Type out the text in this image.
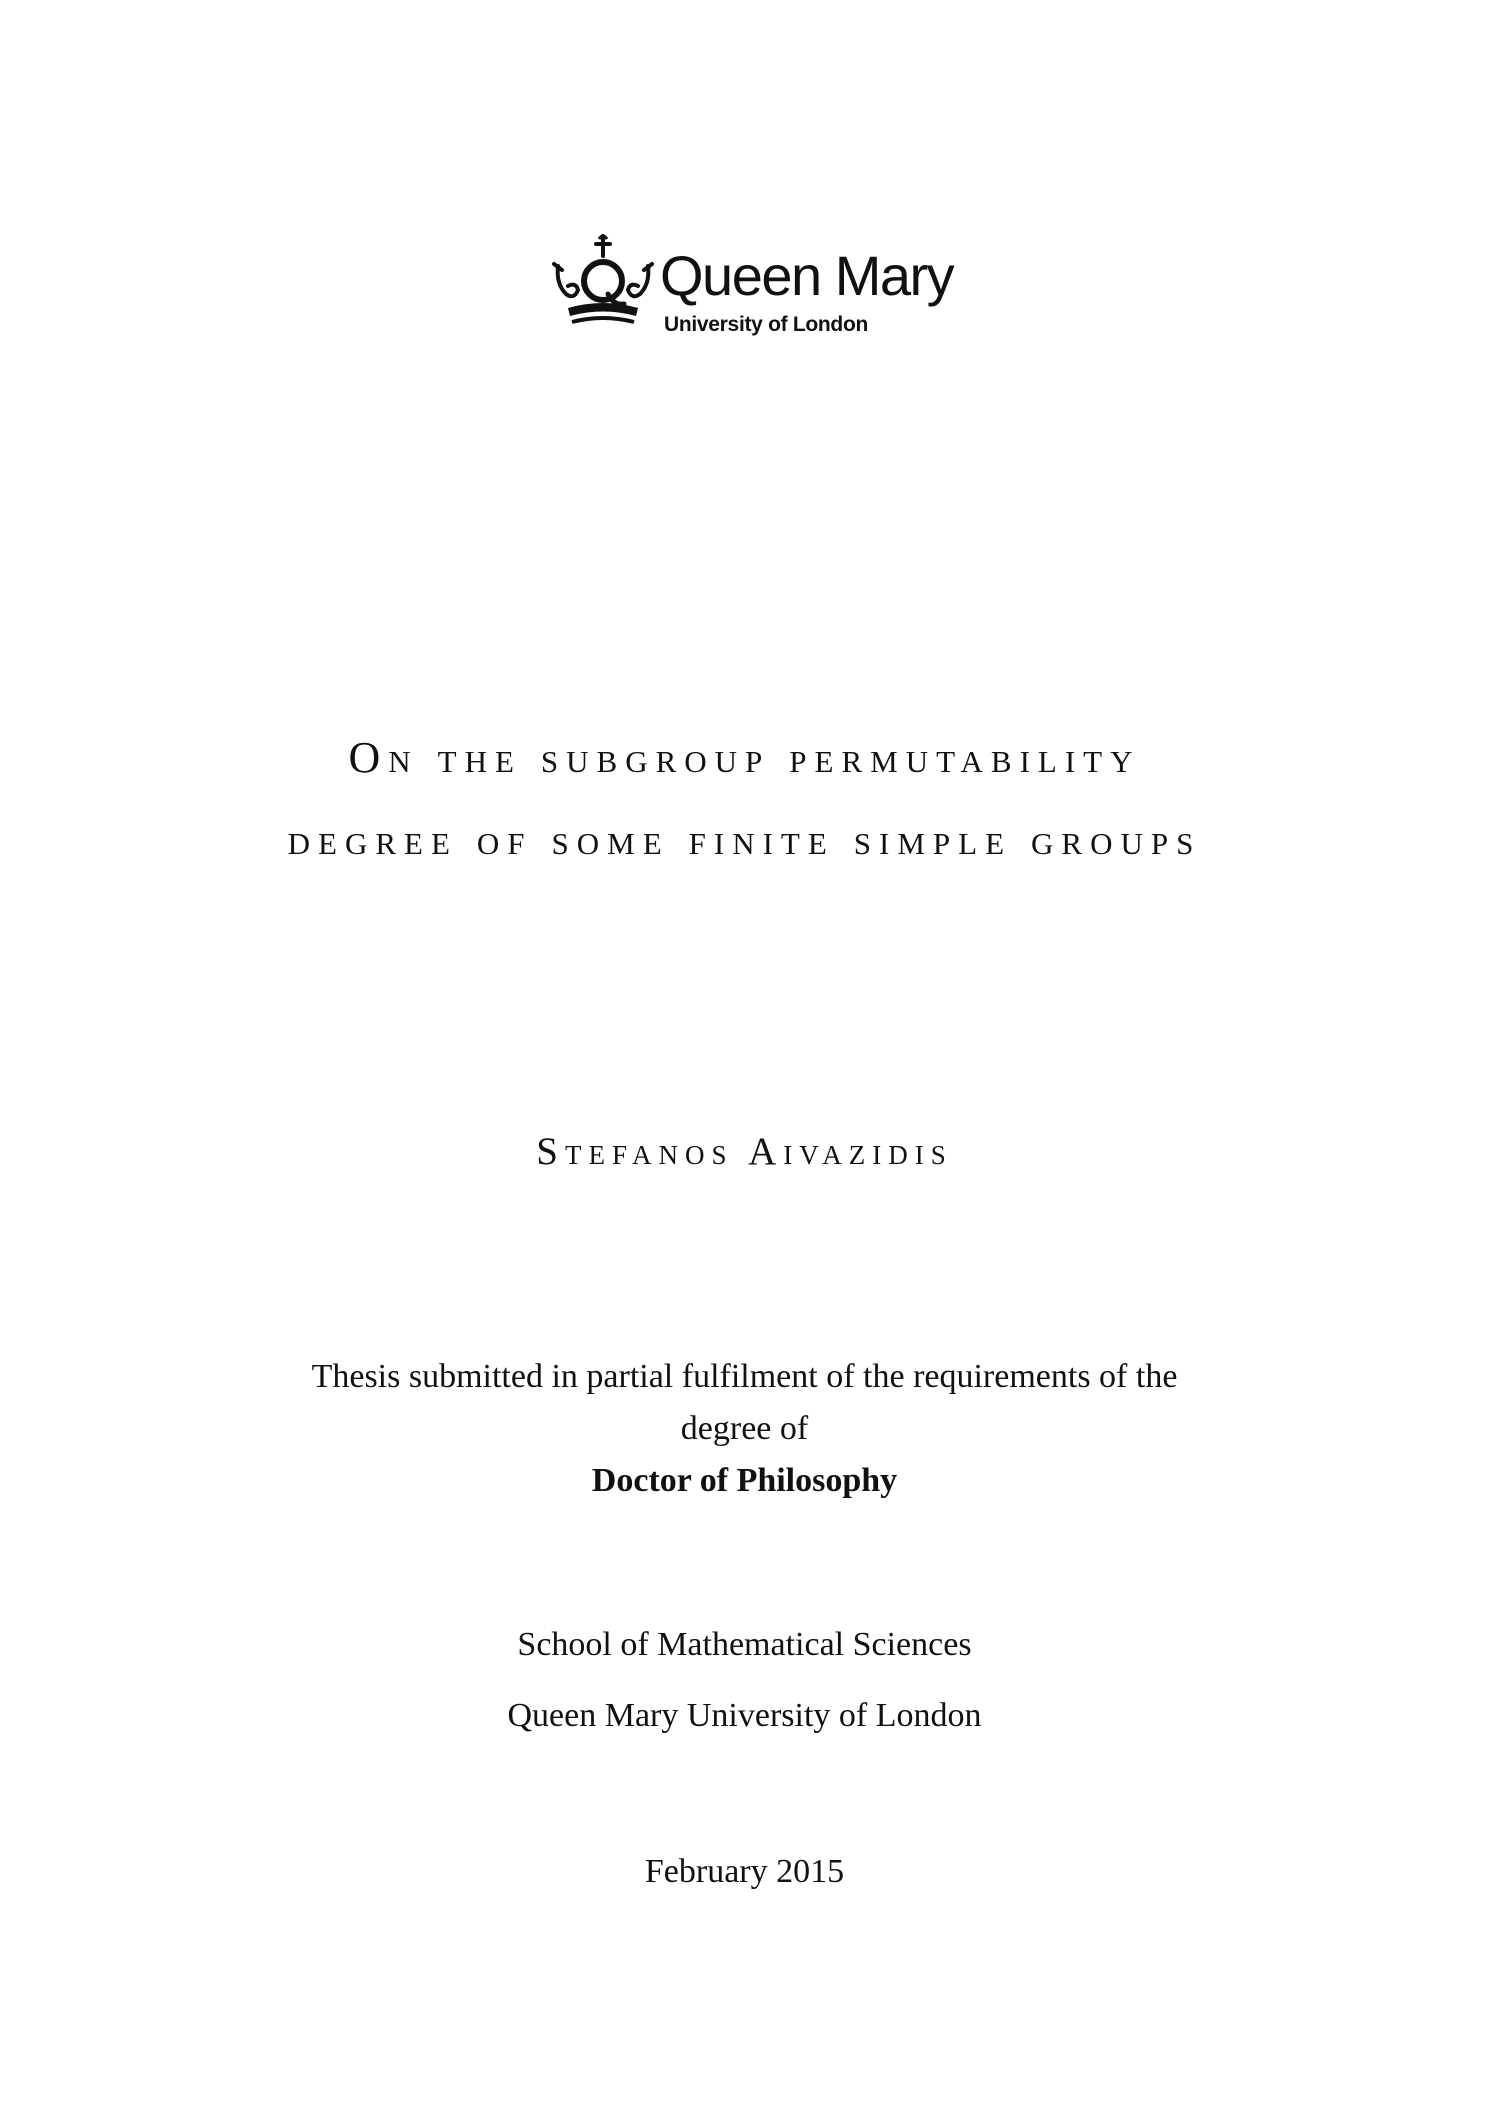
Queen Mary
University of London
On the subgroup permutability
degree of some finite simple groups
Stefanos Aivazidis
Thesis submitted in partial fulfilment of the requirements of the
degree of
Doctor of Philosophy
School of Mathematical Sciences
Queen Mary University of London
February 2015
